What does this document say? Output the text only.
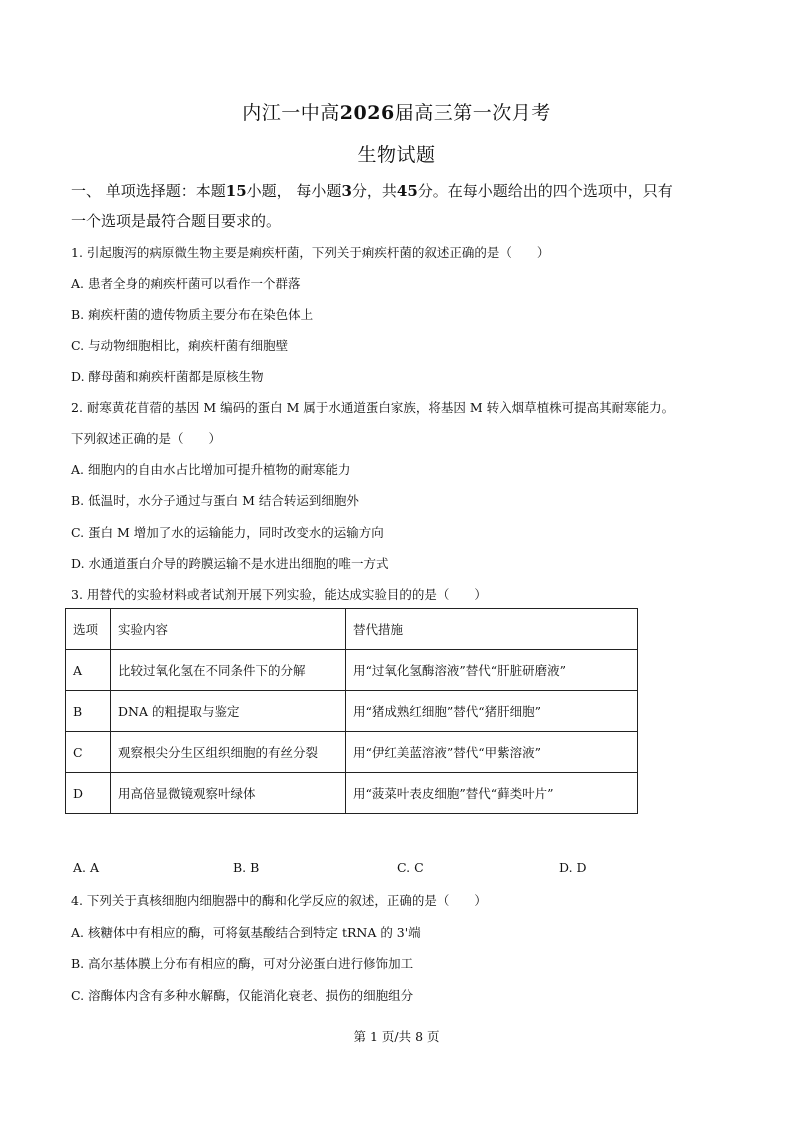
内江一中高2026届高三第一次月考
生物试题
一、 单项选择题：本题15小题， 每小题3分，共45分。在每小题给出的四个选项中，只有
一个选项是最符合题目要求的。
1. 引起腹泻的病原微生物主要是痢疾杆菌，下列关于痢疾杆菌的叙述正确的是（　　）
A. 患者全身的痢疾杆菌可以看作一个群落
B. 痢疾杆菌的遗传物质主要分布在染色体上
C. 与动物细胞相比，痢疾杆菌有细胞壁
D. 酵母菌和痢疾杆菌都是原核生物
2. 耐寒黄花苜蓿的基因 M 编码的蛋白 M 属于水通道蛋白家族，将基因 M 转入烟草植株可提高其耐寒能力。
下列叙述正确的是（　　）
A. 细胞内的自由水占比增加可提升植物的耐寒能力
B. 低温时，水分子通过与蛋白 M 结合转运到细胞外
C. 蛋白 M 增加了水的运输能力，同时改变水的运输方向
D. 水通道蛋白介导的跨膜运输不是水进出细胞的唯一方式
3. 用替代的实验材料或者试剂开展下列实验，能达成实验目的的是（　　）
选项	实验内容	替代措施
A	比较过氧化氢在不同条件下的分解	用“过氧化氢酶溶液”替代“肝脏研磨液”
B	DNA 的粗提取与鉴定	用“猪成熟红细胞”替代“猪肝细胞”
C	观察根尖分生区组织细胞的有丝分裂	用“伊红美蓝溶液”替代“甲紫溶液”
D	用高倍显微镜观察叶绿体	用“菠菜叶表皮细胞”替代“藓类叶片”
A. A	B. B	C. C	D. D
4. 下列关于真核细胞内细胞器中的酶和化学反应的叙述，正确的是（　　）
A. 核糖体中有相应的酶，可将氨基酸结合到特定 tRNA 的 3'端
B. 高尔基体膜上分布有相应的酶，可对分泌蛋白进行修饰加工
C. 溶酶体内含有多种水解酶，仅能消化衰老、损伤的细胞组分
第 1 页/共 8 页
